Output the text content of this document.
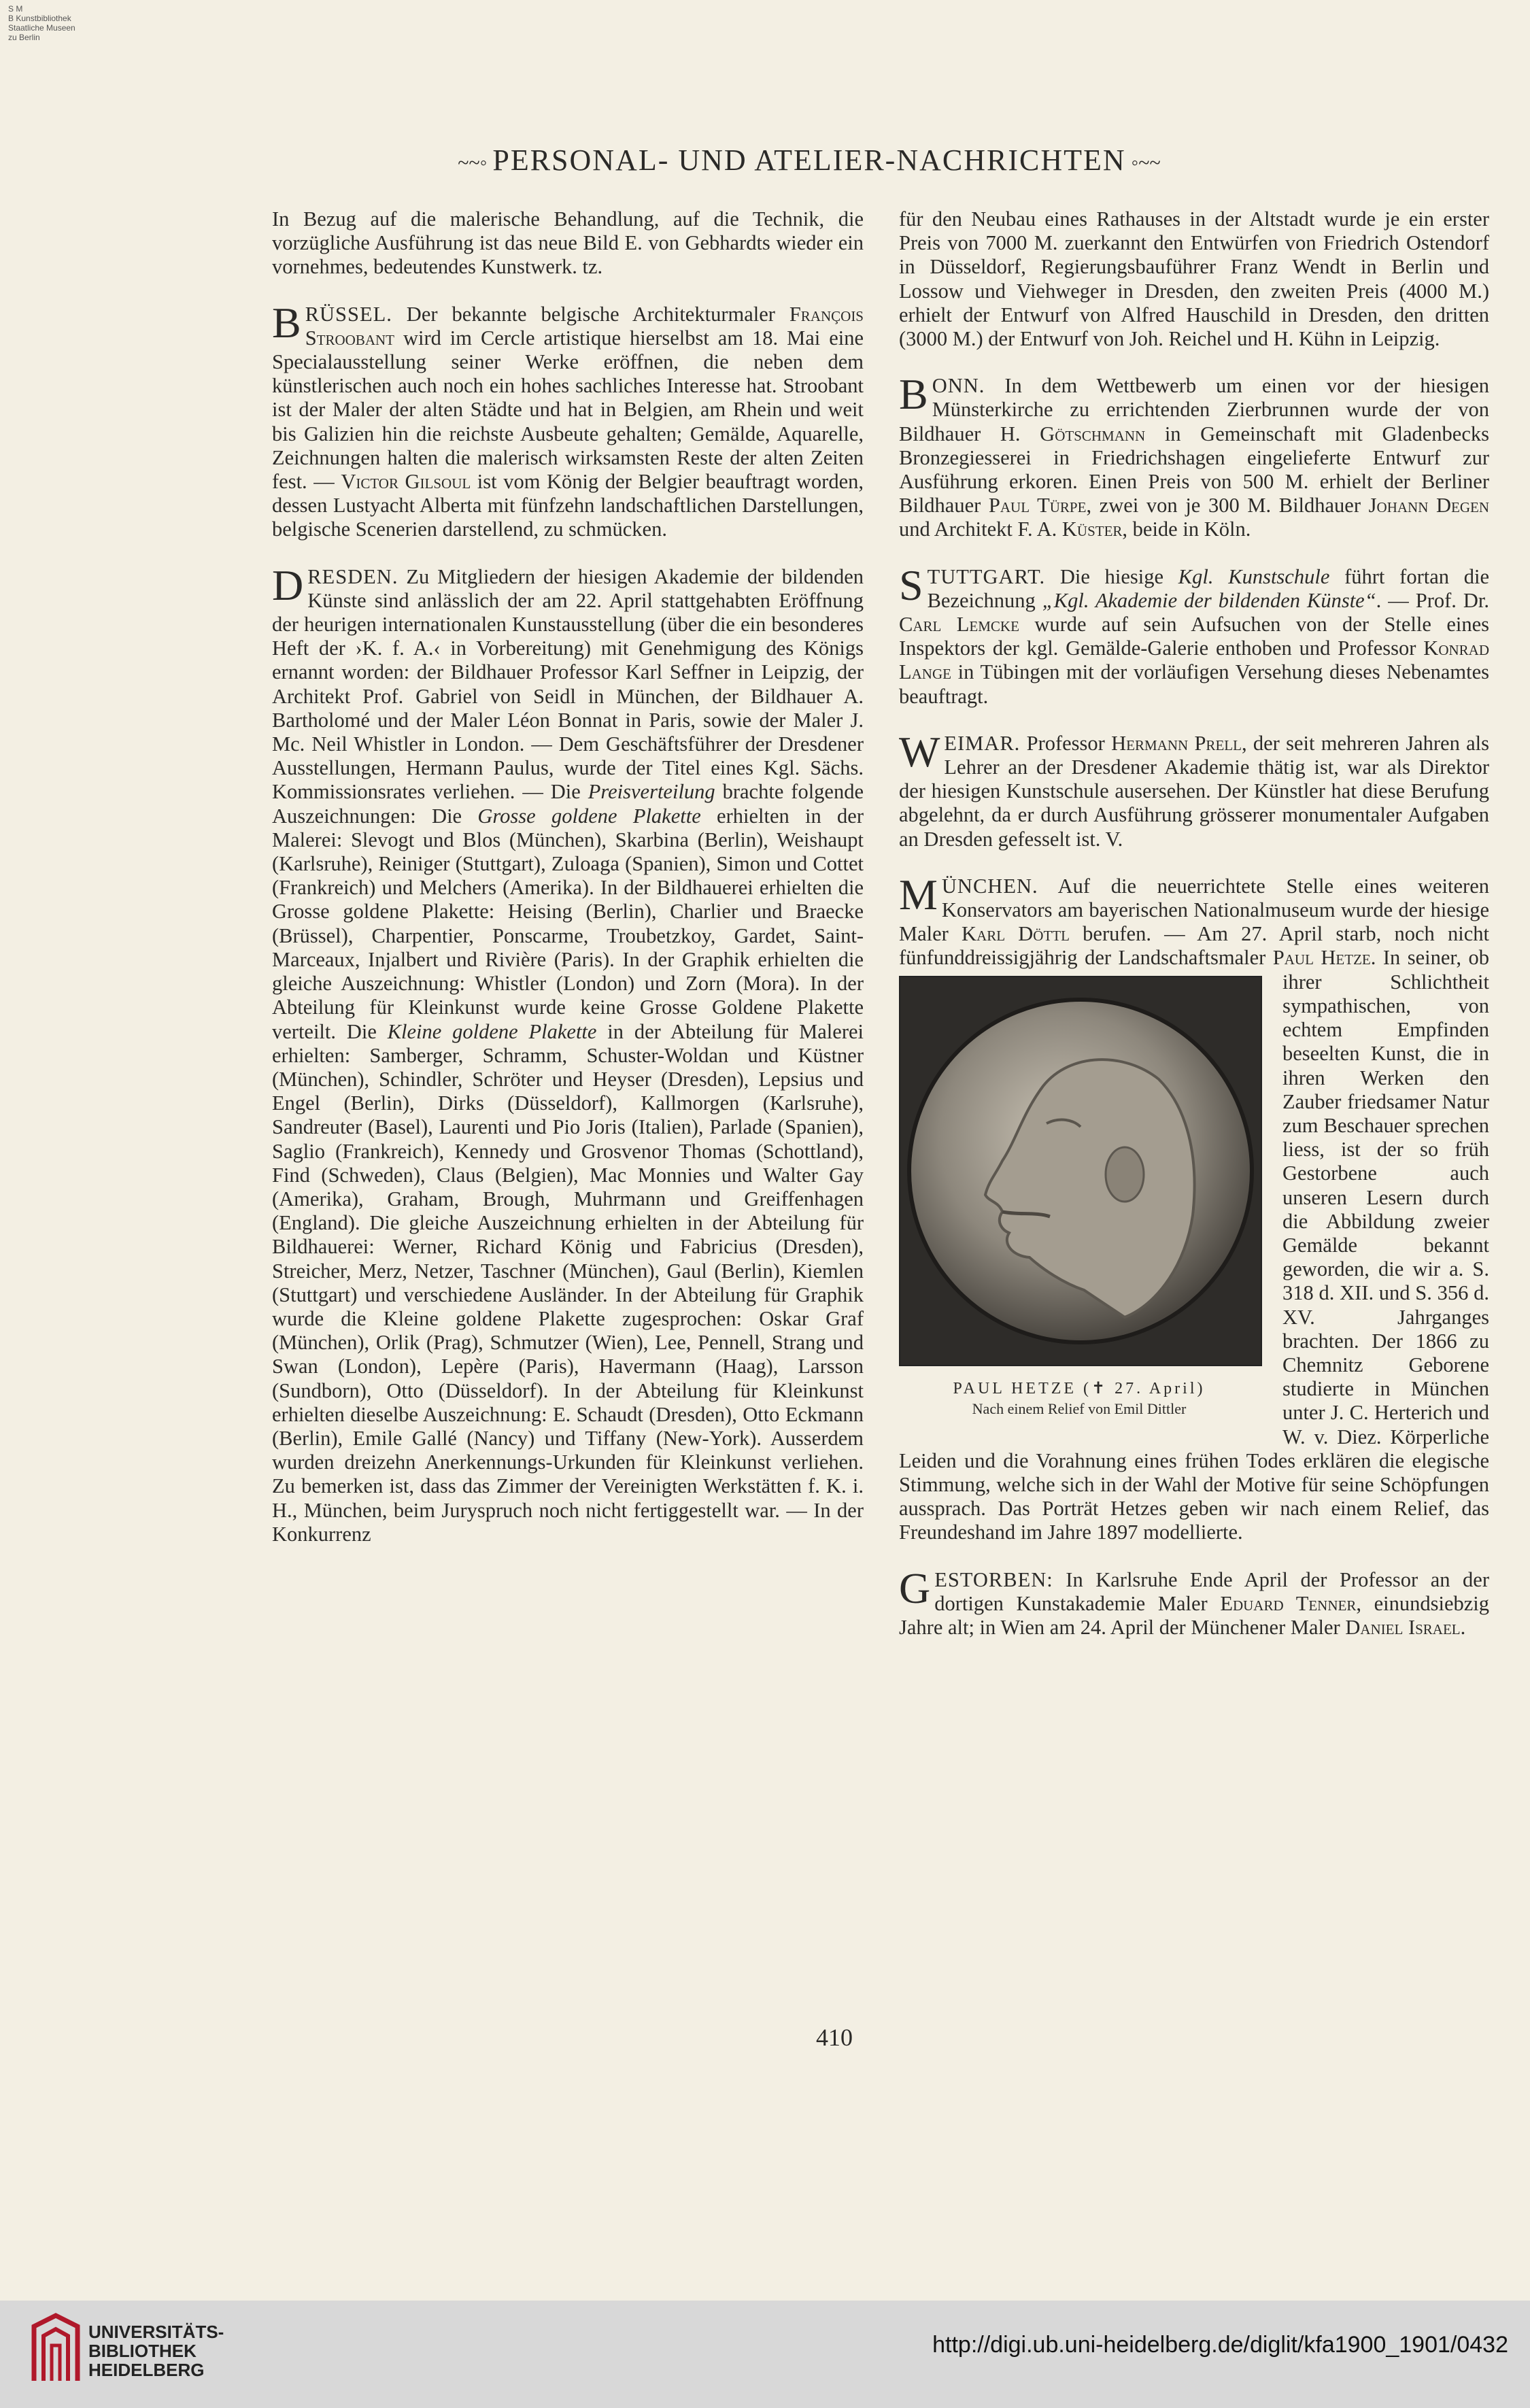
S M
B Kunstbibliothek
Staatliche Museen
zu Berlin
~~◦ PERSONAL- UND ATELIER-NACHRICHTEN ◦~~

In Bezug auf die malerische Behandlung, auf die Technik, die vorzügliche Ausführung ist das neue Bild E. von Gebhardts wieder ein vornehmes, bedeutendes Kunstwerk. tz.

BRÜSSEL. Der bekannte belgische Architekturmaler François Stroobant wird im Cercle artistique hierselbst am 18. Mai eine Specialausstellung seiner Werke eröffnen, die neben dem künstlerischen auch noch ein hohes sachliches Interesse hat. Stroobant ist der Maler der alten Städte und hat in Belgien, am Rhein und weit bis Galizien hin die reichste Ausbeute gehalten; Gemälde, Aquarelle, Zeichnungen halten die malerisch wirksamsten Reste der alten Zeiten fest. — Victor Gilsoul ist vom König der Belgier beauftragt worden, dessen Lustyacht Alberta mit fünfzehn landschaftlichen Darstellungen, belgische Scenerien darstellend, zu schmücken.

DRESDEN. Zu Mitgliedern der hiesigen Akademie der bildenden Künste sind anlässlich der am 22. April stattgehabten Eröffnung der heurigen internationalen Kunstausstellung (über die ein besonderes Heft der ›K. f. A.‹ in Vorbereitung) mit Genehmigung des Königs ernannt worden: der Bildhauer Professor Karl Seffner in Leipzig, der Architekt Prof. Gabriel von Seidl in München, der Bildhauer A. Bartholomé und der Maler Léon Bonnat in Paris, sowie der Maler J. Mc. Neil Whistler in London. — Dem Geschäftsführer der Dresdener Ausstellungen, Hermann Paulus, wurde der Titel eines Kgl. Sächs. Kommissionsrates verliehen. — Die Preisverteilung brachte folgende Auszeichnungen: Die Grosse goldene Plakette erhielten in der Malerei: Slevogt und Blos (München), Skarbina (Berlin), Weishaupt (Karlsruhe), Reiniger (Stuttgart), Zuloaga (Spanien), Simon und Cottet (Frankreich) und Melchers (Amerika). In der Bildhauerei erhielten die Grosse goldene Plakette: Heising (Berlin), Charlier und Braecke (Brüssel), Charpentier, Ponscarme, Troubetzkoy, Gardet, Saint-Marceaux, Injalbert und Rivière (Paris). In der Graphik erhielten die gleiche Auszeichnung: Whistler (London) und Zorn (Mora). In der Abteilung für Kleinkunst wurde keine Grosse Goldene Plakette verteilt. Die Kleine goldene Plakette in der Abteilung für Malerei erhielten: Samberger, Schramm, Schuster-Woldan und Küstner (München), Schindler, Schröter und Heyser (Dresden), Lepsius und Engel (Berlin), Dirks (Düsseldorf), Kallmorgen (Karlsruhe), Sandreuter (Basel), Laurenti und Pio Joris (Italien), Parlade (Spanien), Saglio (Frankreich), Kennedy und Grosvenor Thomas (Schottland), Find (Schweden), Claus (Belgien), Mac Monnies und Walter Gay (Amerika), Graham, Brough, Muhrmann und Greiffenhagen (England). Die gleiche Auszeichnung erhielten in der Abteilung für Bildhauerei: Werner, Richard König und Fabricius (Dresden), Streicher, Merz, Netzer, Taschner (München), Gaul (Berlin), Kiemlen (Stuttgart) und verschiedene Ausländer. In der Abteilung für Graphik wurde die Kleine goldene Plakette zugesprochen: Oskar Graf (München), Orlik (Prag), Schmutzer (Wien), Lee, Pennell, Strang und Swan (London), Lepère (Paris), Havermann (Haag), Larsson (Sundborn), Otto (Düsseldorf). In der Abteilung für Kleinkunst erhielten dieselbe Auszeichnung: E. Schaudt (Dresden), Otto Eckmann (Berlin), Emile Gallé (Nancy) und Tiffany (New-York). Ausserdem wurden dreizehn Anerkennungs-Urkunden für Kleinkunst verliehen. Zu bemerken ist, dass das Zimmer der Vereinigten Werkstätten f. K. i. H., München, beim Juryspruch noch nicht fertiggestellt war. — In der Konkurrenz

für den Neubau eines Rathauses in der Altstadt wurde je ein erster Preis von 7000 M. zuerkannt den Entwürfen von Friedrich Ostendorf in Düsseldorf, Regierungsbauführer Franz Wendt in Berlin und Lossow und Viehweger in Dresden, den zweiten Preis (4000 M.) erhielt der Entwurf von Alfred Hauschild in Dresden, den dritten (3000 M.) der Entwurf von Joh. Reichel und H. Kühn in Leipzig.

BONN. In dem Wettbewerb um einen vor der hiesigen Münsterkirche zu errichtenden Zierbrunnen wurde der von Bildhauer H. Götschmann in Gemeinschaft mit Gladenbecks Bronzegiesserei in Friedrichshagen eingelieferte Entwurf zur Ausführung erkoren. Einen Preis von 500 M. erhielt der Berliner Bildhauer Paul Türpe, zwei von je 300 M. Bildhauer Johann Degen und Architekt F. A. Küster, beide in Köln.

STUTTGART. Die hiesige Kgl. Kunstschule führt fortan die Bezeichnung „Kgl. Akademie der bildenden Künste“. — Prof. Dr. Carl Lemcke wurde auf sein Aufsuchen von der Stelle eines Inspektors der kgl. Gemälde-Galerie enthoben und Professor Konrad Lange in Tübingen mit der vorläufigen Versehung dieses Nebenamtes beauftragt.

WEIMAR. Professor Hermann Prell, der seit mehreren Jahren als Lehrer an der Dresdener Akademie thätig ist, war als Direktor der hiesigen Kunstschule ausersehen. Der Künstler hat diese Berufung abgelehnt, da er durch Ausführung grösserer monumentaler Aufgaben an Dresden gefesselt ist. V.

MÜNCHEN. Auf die neuerrichtete Stelle eines weiteren Konservators am bayerischen Nationalmuseum wurde der hiesige Maler Karl Döttl berufen. — Am 27. April starb, noch nicht fünfunddreissigjährig der Landschaftsmaler
PAUL HETZE (✝ 27. April)
Nach einem Relief von Emil Dittler
Paul Hetze. In seiner, ob ihrer Schlichtheit sympathischen, von echtem Empfinden beseelten Kunst, die in ihren Werken den Zauber friedsamer Natur zum Beschauer sprechen liess, ist der so früh Gestorbene auch unseren Lesern durch die Abbildung zweier Gemälde bekannt geworden, die wir a. S. 318 d. XII. und S. 356 d. XV. Jahrganges brachten. Der 1866 zu Chemnitz Geborene studierte in München unter J. C. Herterich und W. v. Diez. Körperliche Leiden und die Vorahnung eines frühen Todes erklären die elegische Stimmung, welche sich in der Wahl der Motive für seine Schöpfungen aussprach. Das Porträt Hetzes geben wir nach einem Relief, das Freundeshand im Jahre 1897 modellierte.

GESTORBEN: In Karlsruhe Ende April der Professor an der dortigen Kunstakademie Maler Eduard Tenner, einundsiebzig Jahre alt; in Wien am 24. April der Münchener Maler Daniel Israel.

410
UNIVERSITÄTS-
BIBLIOTHEK
HEIDELBERG
http://digi.ub.uni-heidelberg.de/diglit/kfa1900_1901/0432
